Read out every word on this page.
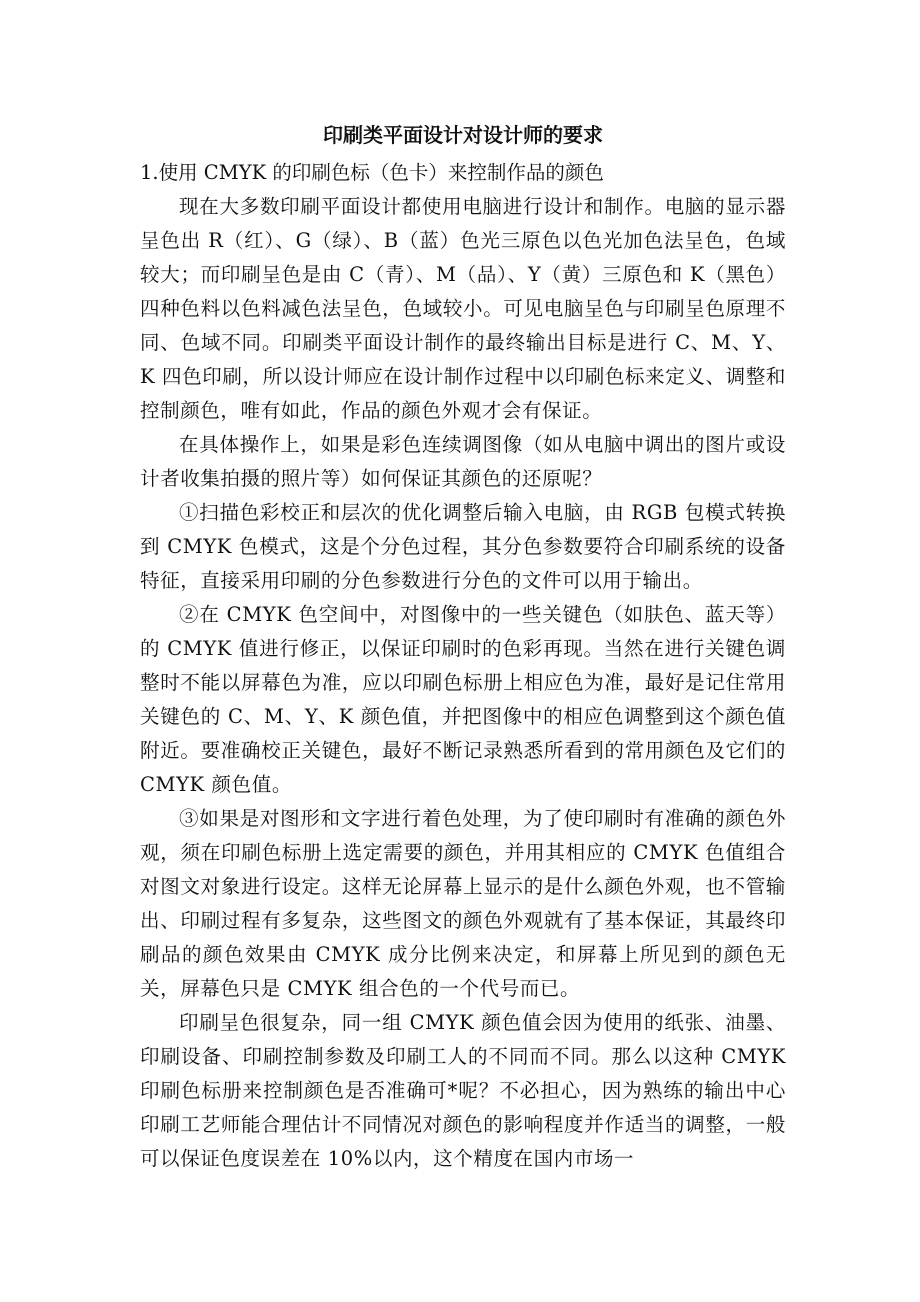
印刷类平面设计对设计师的要求
1.使用 CMYK 的印刷色标（色卡）来控制作品的颜色

现在大多数印刷平面设计都使用电脑进行设计和制作。电脑的显示器呈色出 R（红）、G（绿）、B（蓝）色光三原色以色光加色法呈色，色域较大；而印刷呈色是由 C（青）、M（品）、Y（黄）三原色和 K（黑色）四种色料以色料减色法呈色，色域较小。可见电脑呈色与印刷呈色原理不同、色域不同。印刷类平面设计制作的最终输出目标是进行 C、M、Y、K 四色印刷，所以设计师应在设计制作过程中以印刷色标来定义、调整和控制颜色，唯有如此，作品的颜色外观才会有保证。

在具体操作上，如果是彩色连续调图像（如从电脑中调出的图片或设计者收集拍摄的照片等）如何保证其颜色的还原呢？

①扫描色彩校正和层次的优化调整后输入电脑，由 RGB 包模式转换到 CMYK 色模式，这是个分色过程，其分色参数要符合印刷系统的设备特征，直接采用印刷的分色参数进行分色的文件可以用于输出。

②在 CMYK 色空间中，对图像中的一些关键色（如肤色、蓝天等）的 CMYK 值进行修正，以保证印刷时的色彩再现。当然在进行关键色调整时不能以屏幕色为准，应以印刷色标册上相应色为准，最好是记住常用关键色的 C、M、Y、K 颜色值，并把图像中的相应色调整到这个颜色值附近。要准确校正关键色，最好不断记录熟悉所看到的常用颜色及它们的 CMYK 颜色值。

③如果是对图形和文字进行着色处理，为了使印刷时有准确的颜色外观，须在印刷色标册上选定需要的颜色，并用其相应的 CMYK 色值组合对图文对象进行设定。这样无论屏幕上显示的是什么颜色外观，也不管输出、印刷过程有多复杂，这些图文的颜色外观就有了基本保证，其最终印刷品的颜色效果由 CMYK 成分比例来决定，和屏幕上所见到的颜色无关，屏幕色只是 CMYK 组合色的一个代号而已。

印刷呈色很复杂，同一组 CMYK 颜色值会因为使用的纸张、油墨、印刷设备、印刷控制参数及印刷工人的不同而不同。那么以这种 CMYK 印刷色标册来控制颜色是否准确可*呢？不必担心，因为熟练的输出中心印刷工艺师能合理估计不同情况对颜色的影响程度并作适当的调整，一般可以保证色度误差在 10%以内，这个精度在国内市场一
